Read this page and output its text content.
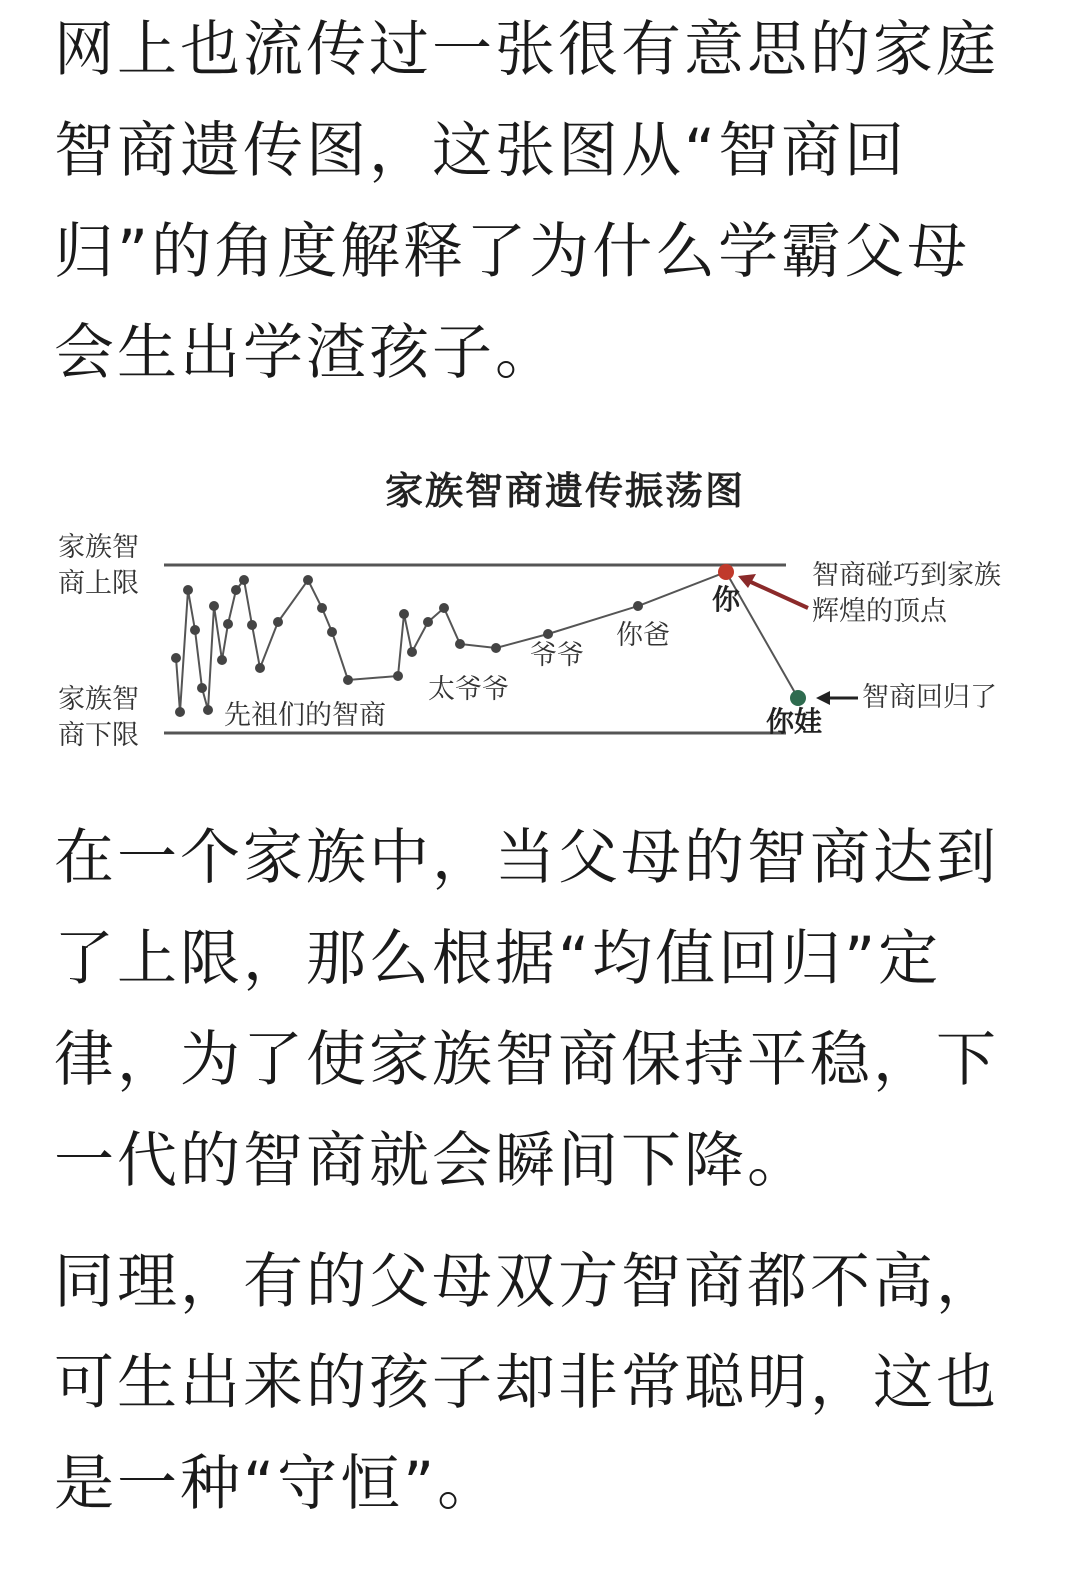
网上也流传过一张很有意思的家庭智商遗传图，这张图从“智商回归”的角度解释了为什么学霸父母会生出学渣孩子。

家族智商遗传振荡图

家族智商上限
家族智商下限
先祖们的智商
太爷爷
爷爷
你爸
你
你娃
智商碰巧到家族辉煌的顶点
智商回归了

在一个家族中，当父母的智商达到了上限，那么根据“均值回归”定律，为了使家族智商保持平稳，下一代的智商就会瞬间下降。

同理，有的父母双方智商都不高，可生出来的孩子却非常聪明，这也是一种“守恒”。
